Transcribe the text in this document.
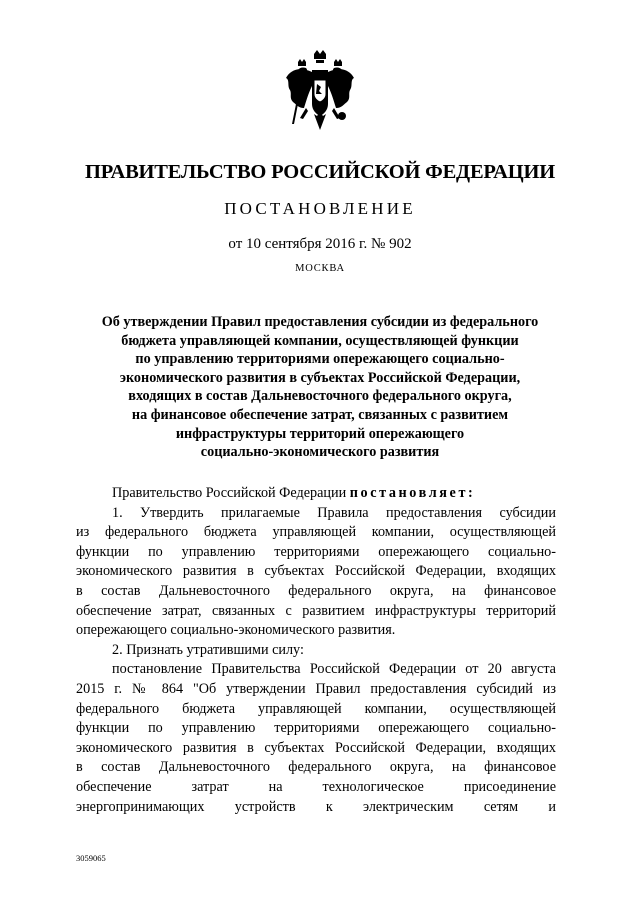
ПРАВИТЕЛЬСТВО РОССИЙСКОЙ ФЕДЕРАЦИИ
ПОСТАНОВЛЕНИЕ
от 10 сентября 2016 г. № 902
МОСКВА
Об утверждении Правил предоставления субсидии из федерального
бюджета управляющей компании, осуществляющей функции
по управлению территориями опережающего социально-
экономического развития в субъектах Российской Федерации,
входящих в состав Дальневосточного федерального округа,
на финансовое обеспечение затрат, связанных с развитием
инфраструктуры территорий опережающего
социально-экономического развития
Правительство Российской Федерации постановляет:
1. Утвердить прилагаемые Правила предоставления субсидии
из федерального бюджета управляющей компании, осуществляющей
функции по управлению территориями опережающего социально-
экономического развития в субъектах Российской Федерации, входящих
в состав Дальневосточного федерального округа, на финансовое
обеспечение затрат, связанных с развитием инфраструктуры территорий
опережающего социально-экономического развития.
2. Признать утратившими силу:
постановление Правительства Российской Федерации от 20 августа
2015 г. № 864 "Об утверждении Правил предоставления субсидий из
федерального бюджета управляющей компании, осуществляющей
функции по управлению территориями опережающего социально-
экономического развития в субъектах Российской Федерации, входящих
в состав Дальневосточного федерального округа, на финансовое
обеспечение затрат на технологическое присоединение
энергопринимающих устройств к электрическим сетям и
3059065
